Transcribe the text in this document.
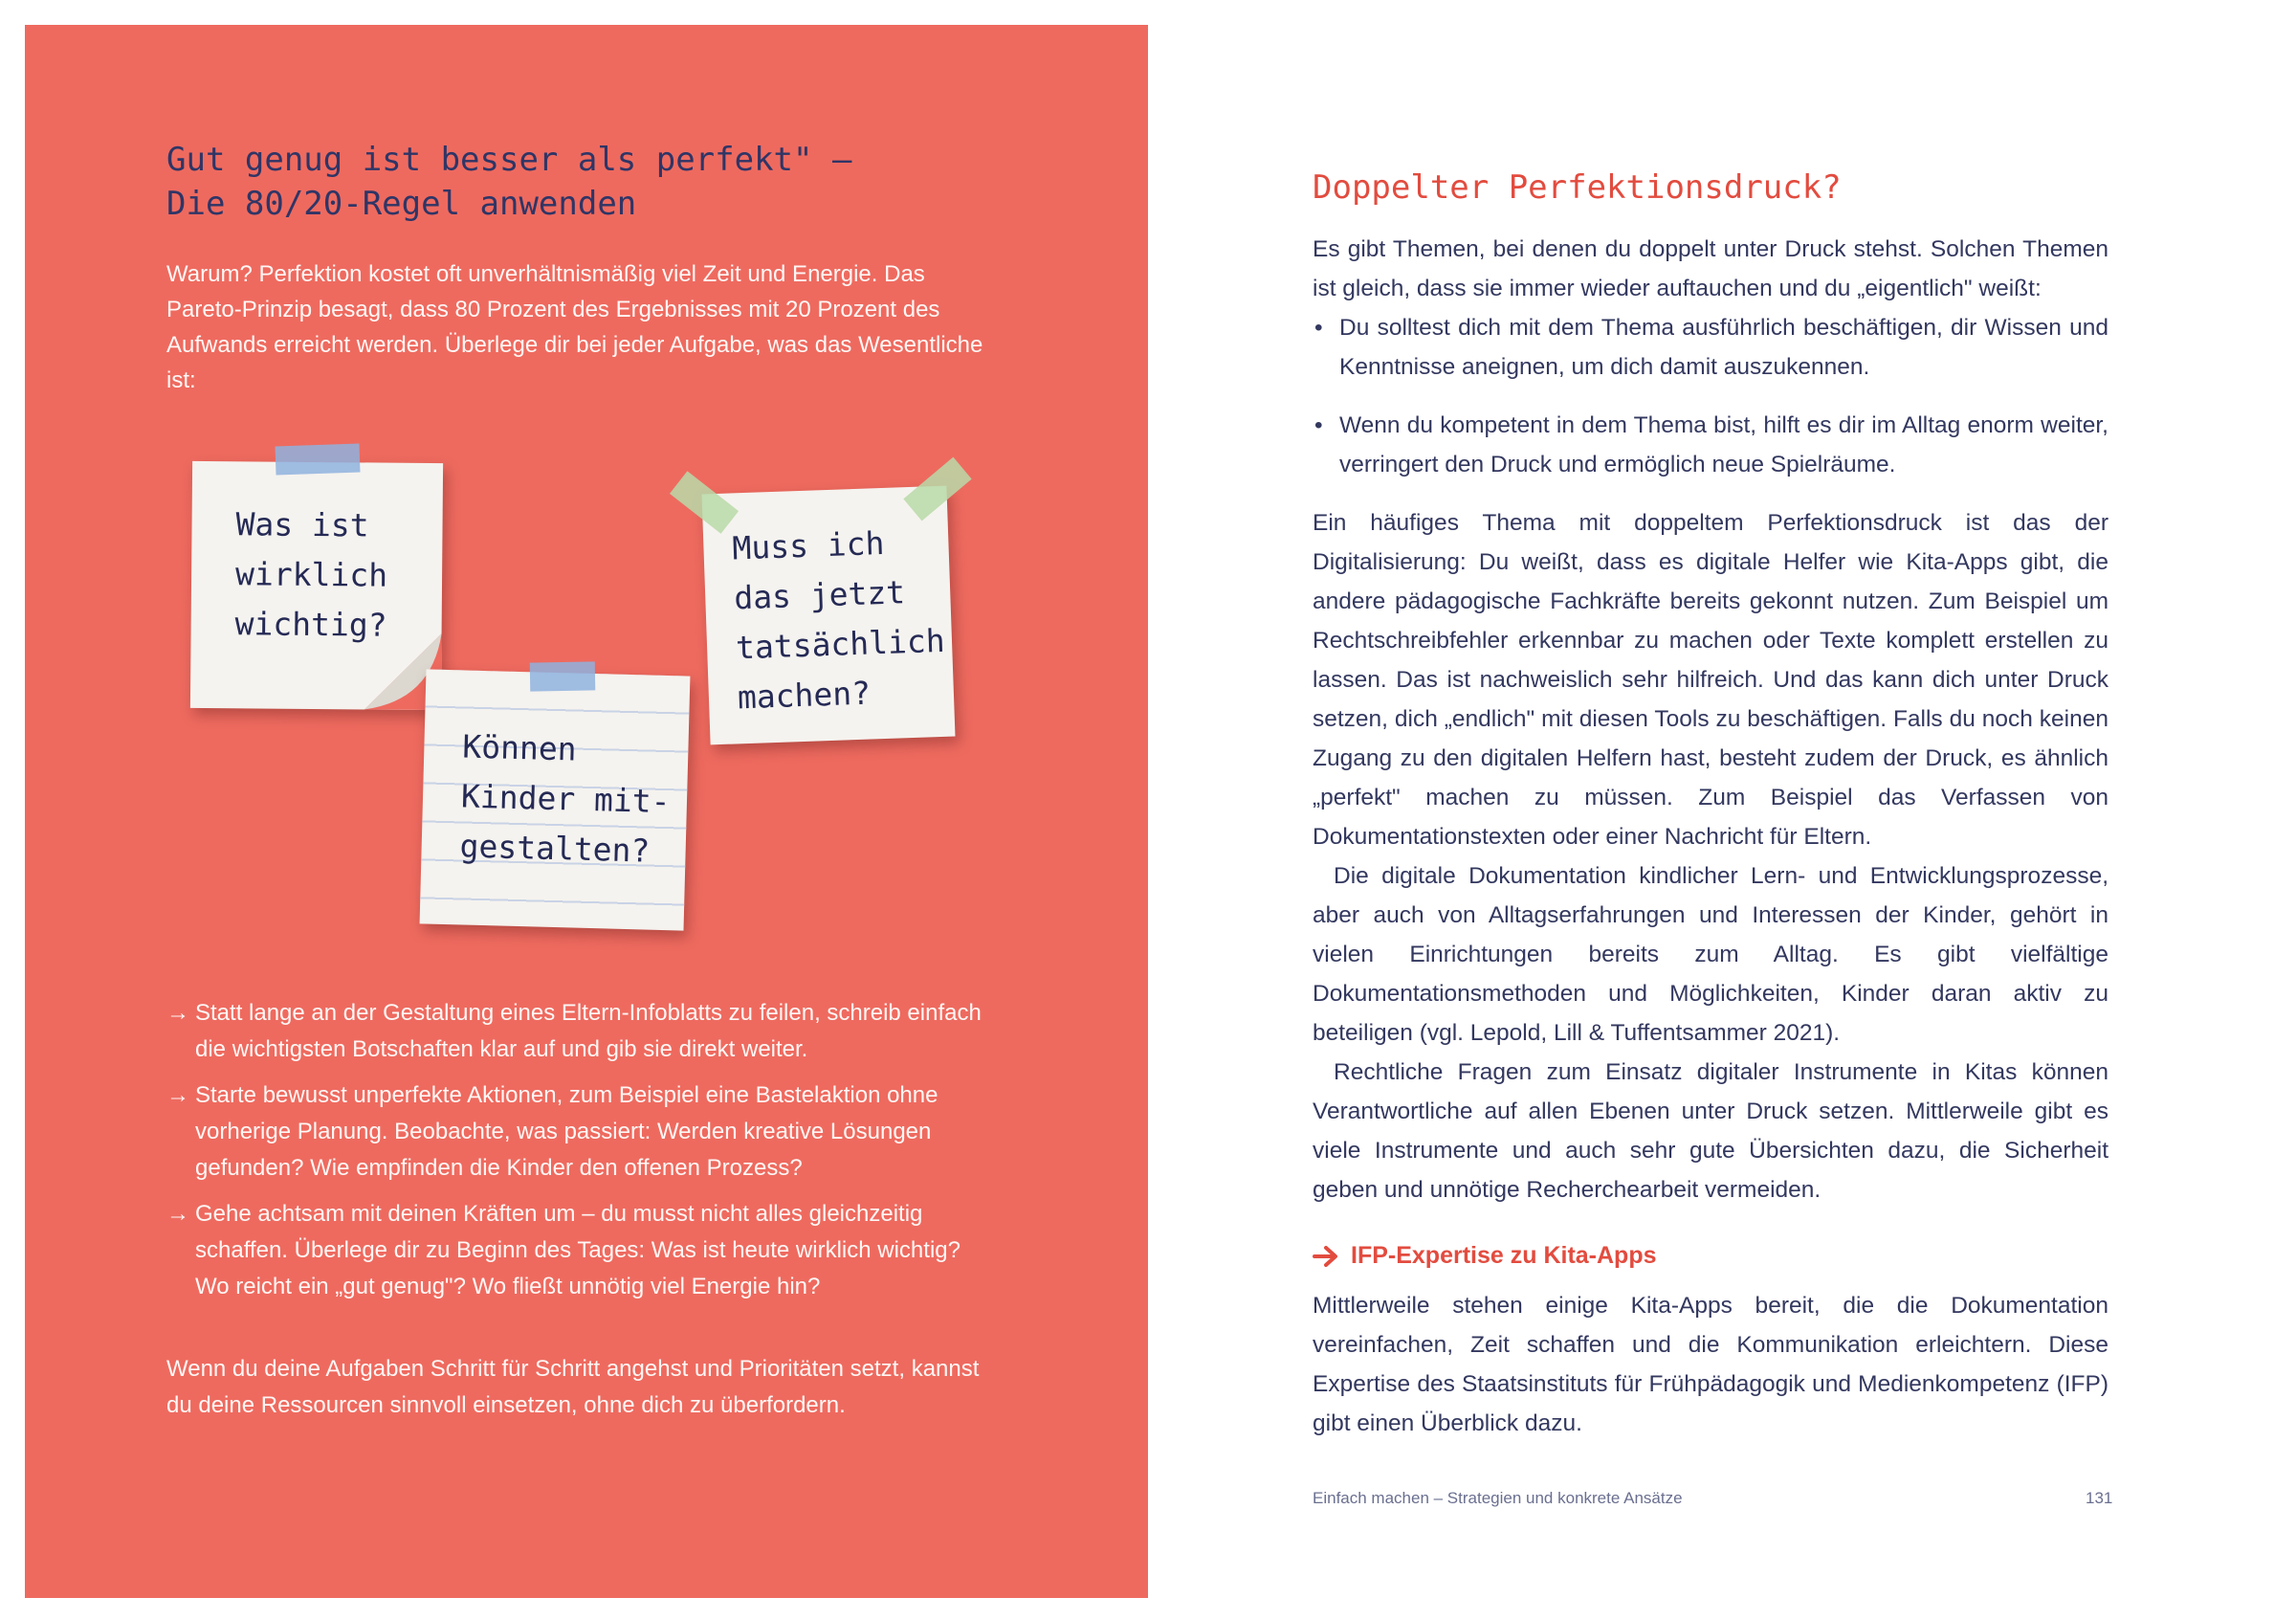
Gut genug ist besser als perfekt" –
Die 80/20-Regel anwenden

Warum? Perfektion kostet oft unverhältnismäßig viel Zeit und Energie. Das Pareto-Prinzip besagt, dass 80 Prozent des Ergebnisses mit 20 Prozent des Aufwands erreicht werden. Überlege dir bei jeder Aufgabe, was das Wesentliche ist:

Was ist
wirklich
wichtig?
Muss ich
das jetzt
tatsächlich
machen?
Können
Kinder mit-
gestalten?
→ Statt lange an der Gestaltung eines Eltern-Infoblatts zu feilen, schreib einfach die wichtigsten Botschaften klar auf und gib sie direkt weiter.
→ Starte bewusst unperfekte Aktionen, zum Beispiel eine Bastelaktion ohne vorherige Planung. Beobachte, was passiert: Werden kreative Lösungen gefunden? Wie empfinden die Kinder den offenen Prozess?
→ Gehe achtsam mit deinen Kräften um – du musst nicht alles gleichzeitig schaffen. Überlege dir zu Beginn des Tages: Was ist heute wirklich wichtig? Wo reicht ein „gut genug"? Wo fließt unnötig viel Energie hin?

Wenn du deine Aufgaben Schritt für Schritt angehst und Prioritäten setzt, kannst du deine Ressourcen sinnvoll einsetzen, ohne dich zu überfordern.

Doppelter Perfektionsdruck?

Es gibt Themen, bei denen du doppelt unter Druck stehst. Solchen Themen ist gleich, dass sie immer wieder auftauchen und du „eigentlich" weißt:

• Du solltest dich mit dem Thema ausführlich beschäftigen, dir Wissen und Kenntnisse aneignen, um dich damit auszukennen.
• Wenn du kompetent in dem Thema bist, hilft es dir im Alltag enorm weiter, verringert den Druck und ermöglich neue Spielräume.

Ein häufiges Thema mit doppeltem Perfektionsdruck ist das der Digitalisierung: Du weißt, dass es digitale Helfer wie Kita-Apps gibt, die andere pädagogische Fachkräfte bereits gekonnt nutzen. Zum Beispiel um Rechtschreibfehler erkennbar zu machen oder Texte komplett erstellen zu lassen. Das ist nachweislich sehr hilfreich. Und das kann dich unter Druck setzen, dich „endlich" mit diesen Tools zu beschäftigen. Falls du noch keinen Zugang zu den digitalen Helfern hast, besteht zudem der Druck, es ähnlich „perfekt" machen zu müssen. Zum Beispiel das Verfassen von Dokumentationstexten oder einer Nachricht für Eltern.

Die digitale Dokumentation kindlicher Lern- und Entwicklungsprozesse, aber auch von Alltagserfahrungen und Interessen der Kinder, gehört in vielen Einrichtungen bereits zum Alltag. Es gibt vielfältige Dokumentationsmethoden und Möglichkeiten, Kinder daran aktiv zu beteiligen (vgl. Lepold, Lill & Tuffentsammer 2021).

Rechtliche Fragen zum Einsatz digitaler Instrumente in Kitas können Verantwortliche auf allen Ebenen unter Druck setzen. Mittlerweile gibt es viele Instrumente und auch sehr gute Übersichten dazu, die Sicherheit geben und unnötige Recherchearbeit vermeiden.

IFP-Expertise zu Kita-Apps

Mittlerweile stehen einige Kita-Apps bereit, die die Dokumentation vereinfachen, Zeit schaffen und die Kommunikation erleichtern. Diese Expertise des Staatsinstituts für Frühpädagogik und Medienkompetenz (IFP) gibt einen Überblick dazu.

Einfach machen – Strategien und konkrete Ansätze	131
